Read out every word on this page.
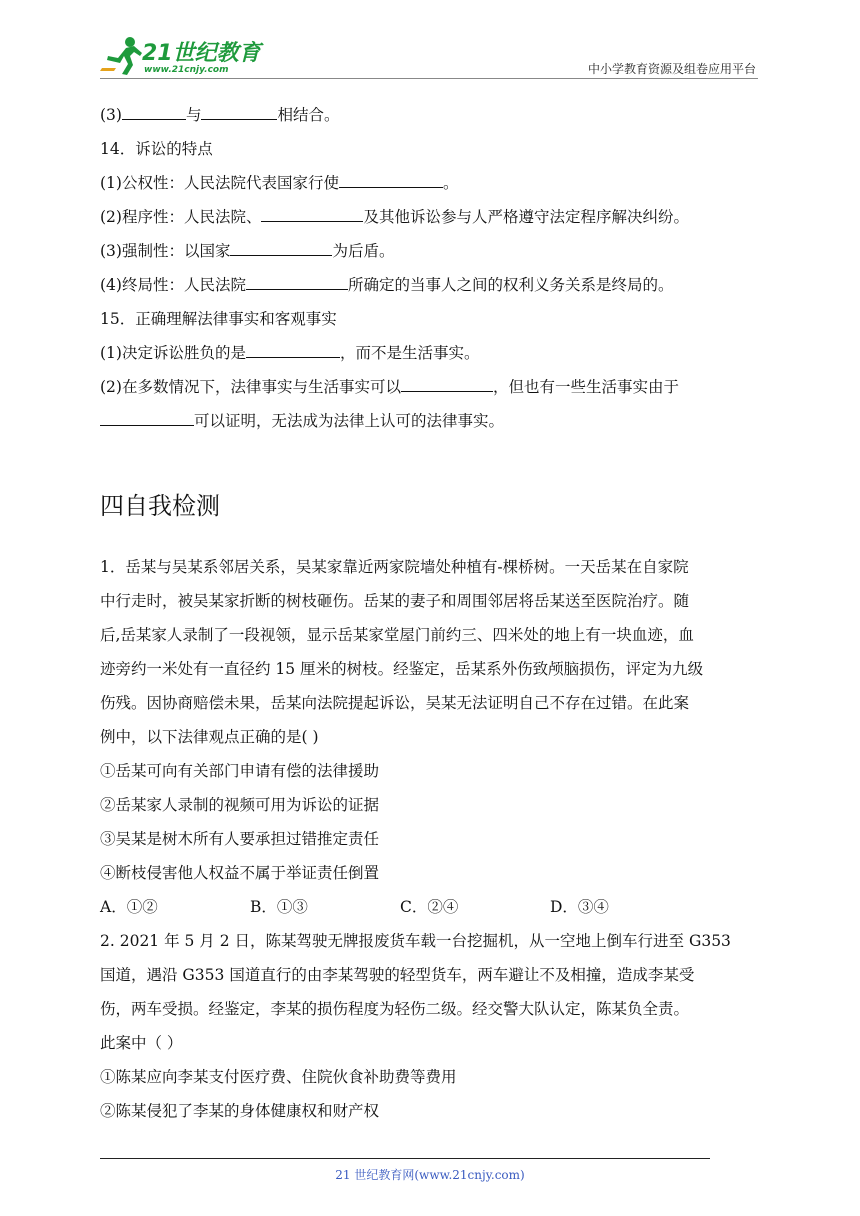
21世纪教育
www.21cnjy.com	中小学教育资源及组卷应用平台
(3)	与	相结合。
14．诉讼的特点
(1)公权性：人民法院代表国家行使	。
(2)程序性：人民法院、	及其他诉讼参与人严格遵守法定程序解决纠纷。
(3)强制性：以国家	为后盾。
(4)终局性：人民法院	所确定的当事人之间的权利义务关系是终局的。
15．正确理解法律事实和客观事实
(1)决定诉讼胜负的是	，而不是生活事实。
(2)在多数情况下，法律事实与生活事实可以	，但也有一些生活事实由于
可以证明，无法成为法律上认可的法律事实。
四自我检测
1．岳某与吴某系邻居关系，吴某家靠近两家院墙处种植有-棵桥树。一天岳某在自家院
中行走时，被吴某家折断的树枝砸伤。岳某的妻子和周围邻居将岳某送至医院治疗。随
后,岳某家人录制了一段视领，显示岳某家堂屋门前约三、四米处的地上有一块血迹，血
迹旁约一米处有一直径约 15 厘米的树枝。经鉴定，岳某系外伤致颅脑损伤，评定为九级
伤残。因协商赔偿未果，岳某向法院提起诉讼，吴某无法证明自己不存在过错。在此案
例中，以下法律观点正确的是( )
①岳某可向有关部门申请有偿的法律援助
②岳某家人录制的视频可用为诉讼的证据
③吴某是树木所有人要承担过错推定责任
④断枝侵害他人权益不属于举证责任倒置
A．①②	B．①③	C．②④	D．③④
2. 2021 年 5 月 2 日，陈某驾驶无牌报废货车载一台挖掘机，从一空地上倒车行进至 G353
国道，遇沿 G353 国道直行的由李某驾驶的轻型货车，两车避让不及相撞，造成李某受
伤，两车受损。经鉴定，李某的损伤程度为轻伤二级。经交警大队认定，陈某负全责。
此案中（ ）
①陈某应向李某支付医疗费、住院伙食补助费等费用
②陈某侵犯了李某的身体健康权和财产权
21 世纪教育网(www.21cnjy.com)
